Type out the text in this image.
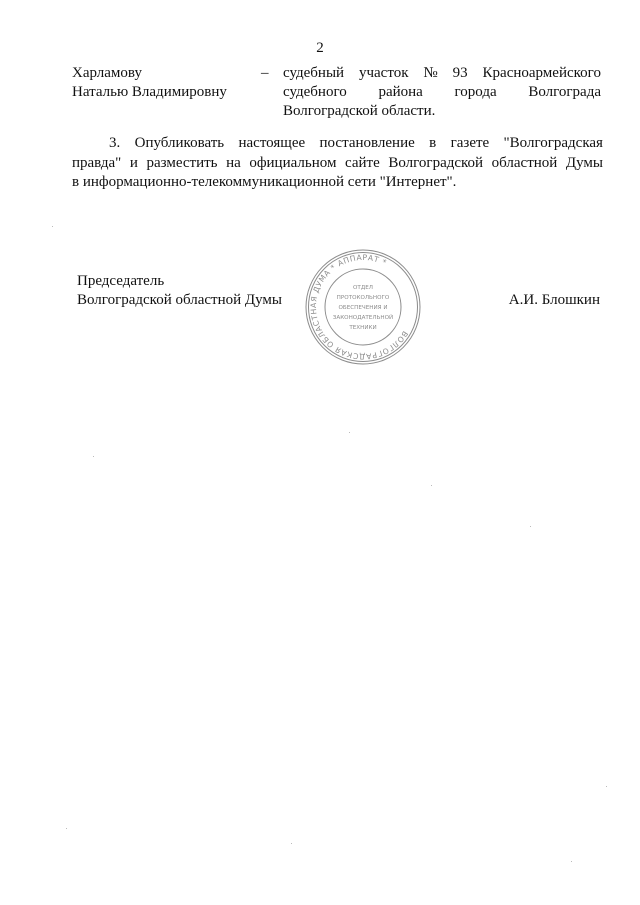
2
Харламову
Наталью Владимировну
– судебный участок № 93 Красноармейского
судебного района города Волгограда
Волгоградской области.
3. Опубликовать настоящее постановление в газете "Волгоградская
правда" и разместить на официальном сайте Волгоградской областной Думы
в информационно-телекоммуникационной сети "Интернет".
Председатель
Волгоградской областной Думы
ВОЛГОГРАДСКАЯ ОБЛАСТНАЯ ДУМА * АППАРАТ *
ОТДЕЛ
ПРОТОКОЛЬНОГО
ОБЕСПЕЧЕНИЯ И
ЗАКОНОДАТЕЛЬНОЙ
ТЕХНИКИ
А.И. Блошкин
